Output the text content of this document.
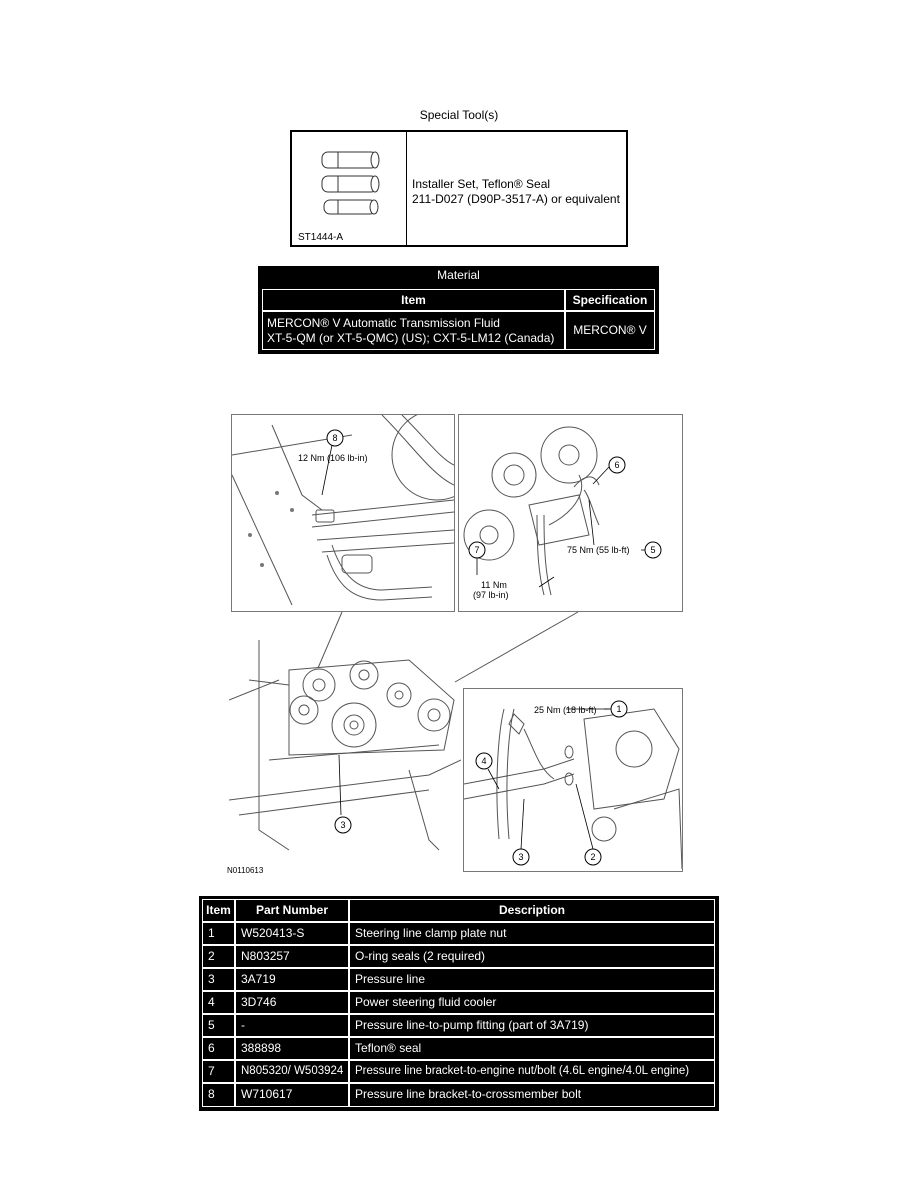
Special Tool(s)
ST1444-A
Installer Set, Teflon® Seal
211-D027 (D90P-3517-A) or equivalent
Material
Item	Specification
MERCON® V Automatic Transmission Fluid
XT-5-QM (or XT-5-QMC) (US); CXT-5-LM12 (Canada)
MERCON® V
8
12 Nm (106 lb-in)
6
75 Nm (55 lb-ft) 5
7
11 Nm
(97 lb-in)
3
25 Nm (18 lb-ft) 1
4
3	2
N0110613
Item	Part Number	Description
1	W520413-S	Steering line clamp plate nut
2	N803257	O-ring seals (2 required)
3	3A719	Pressure line
4	3D746	Power steering fluid cooler
5	-	Pressure line-to-pump fitting (part of 3A719)
6	388898	Teflon® seal
7	N805320/ W503924	Pressure line bracket-to-engine nut/bolt (4.6L engine/4.0L engine)
8	W710617	Pressure line bracket-to-crossmember bolt
